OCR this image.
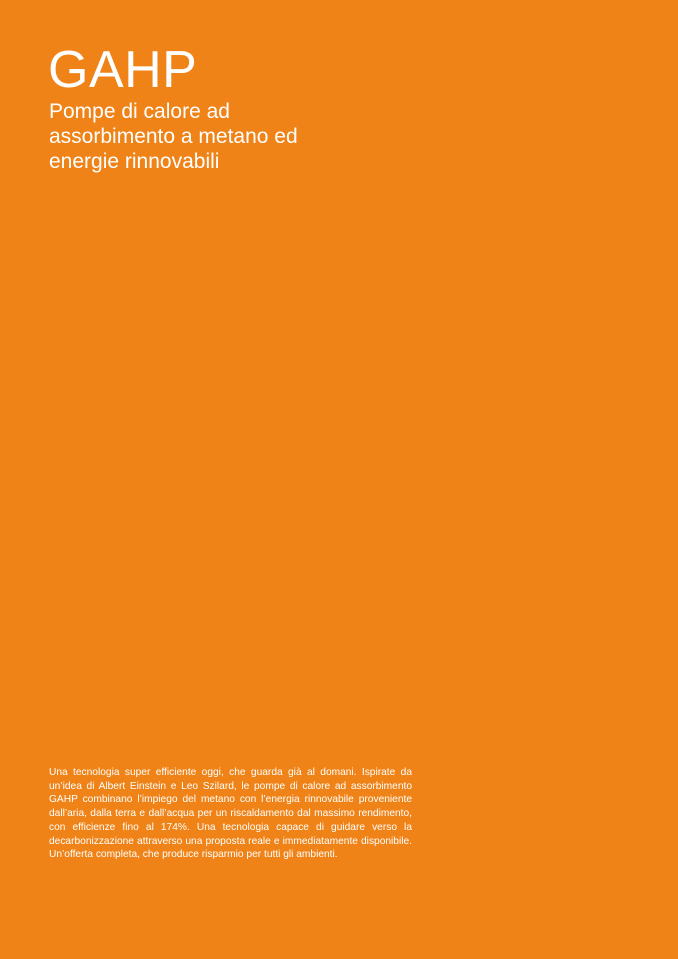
GAHP
Pompe di calore ad assorbimento a metano ed energie rinnovabili

Una tecnologia super efficiente oggi, che guarda già al domani. Ispirate da un’idea di Albert Einstein e Leo Szilard, le pompe di calore ad assorbimento GAHP combinano l’impiego del metano con l’energia rinnovabile proveniente dall’aria, dalla terra e dall’acqua per un riscaldamento dal massimo rendimento, con efficienze fino al 174%. Una tecnologia capace di guidare verso la decarbonizzazione attraverso una proposta reale e immediatamente disponibile. Un’offerta completa, che produce risparmio per tutti gli ambienti.
